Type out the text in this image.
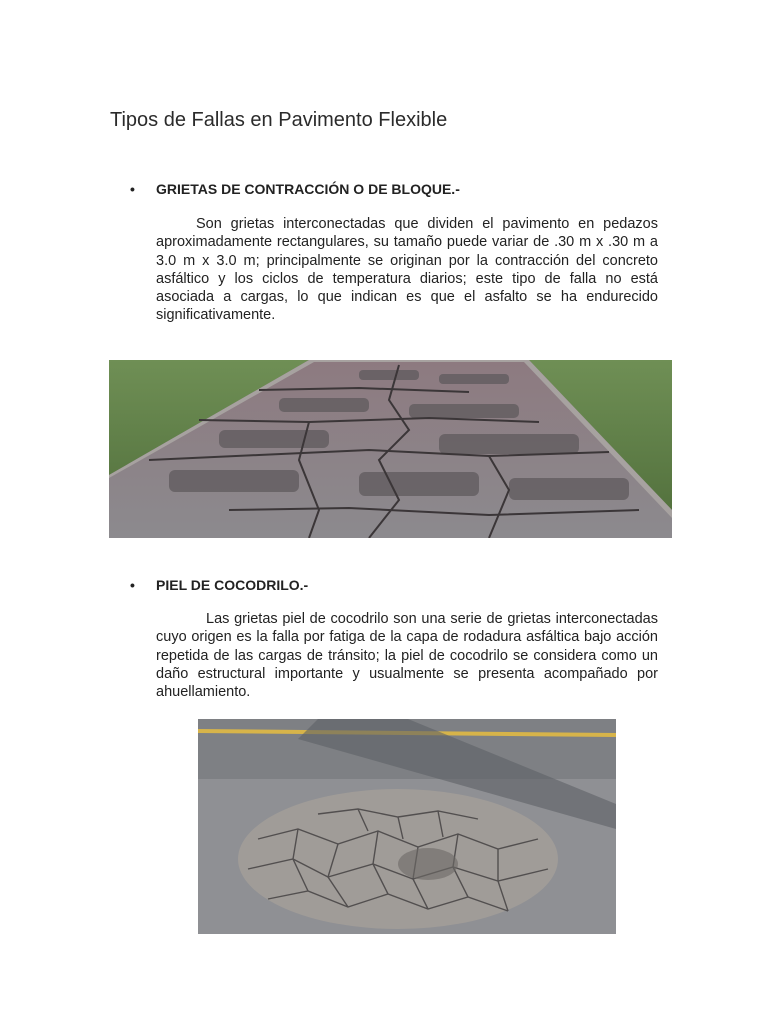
Tipos de Fallas en Pavimento Flexible
• GRIETAS DE CONTRACCIÓN O DE BLOQUE.-

Son grietas interconectadas que dividen el pavimento en pedazos aproximadamente rectangulares, su tamaño puede variar de .30 m x .30 m a 3.0 m x 3.0 m; principalmente se originan por la contracción del concreto asfáltico y los ciclos de temperatura diarios; este tipo de falla no está asociada a cargas, lo que indican es que el asfalto se ha endurecido significativamente.

• PIEL DE COCODRILO.-

Las grietas piel de cocodrilo son una serie de grietas interconectadas cuyo origen es la falla por fatiga de la capa de rodadura asfáltica bajo acción repetida de las cargas de tránsito; la piel de cocodrilo se considera como un daño estructural importante y usualmente se presenta acompañado por ahuellamiento.
